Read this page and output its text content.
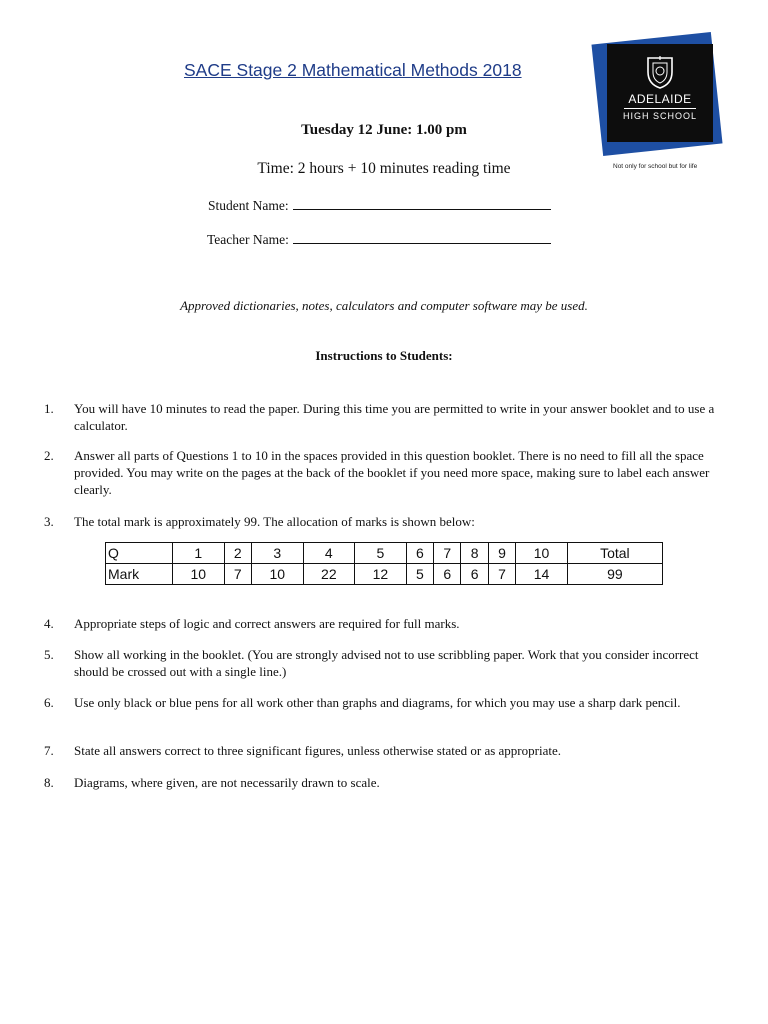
SACE Stage 2 Mathematical Methods 2018
ADELAIDE
HIGH SCHOOL
Not only for school but for life
Tuesday 12 June: 1.00 pm
Time: 2 hours + 10 minutes reading time
Student Name:
Teacher Name:
Approved dictionaries, notes, calculators and computer software may be used.
Instructions to Students:
1. You will have 10 minutes to read the paper. During this time you are permitted to write in your answer booklet and to use a calculator.
2. Answer all parts of Questions 1 to 10 in the spaces provided in this question booklet. There is no need to fill all the space provided. You may write on the pages at the back of the booklet if you need more space, making sure to label each answer clearly.
3. The total mark is approximately 99. The allocation of marks is shown below:
Q	1	2	3	4	5	6	7	8	9	10	Total
Mark	10	7	10	22	12	5	6	6	7	14	99
4. Appropriate steps of logic and correct answers are required for full marks.
5. Show all working in the booklet. (You are strongly advised not to use scribbling paper. Work that you consider incorrect should be crossed out with a single line.)
6. Use only black or blue pens for all work other than graphs and diagrams, for which you may use a sharp dark pencil.
7. State all answers correct to three significant figures, unless otherwise stated or as appropriate.
8. Diagrams, where given, are not necessarily drawn to scale.
